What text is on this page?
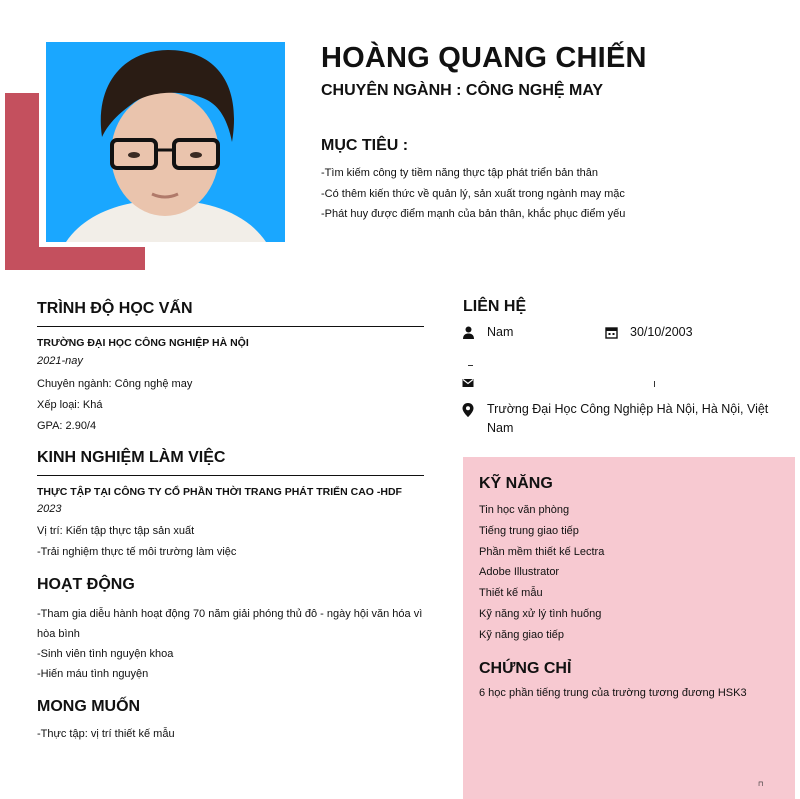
HOÀNG QUANG CHIẾN
CHUYÊN NGÀNH : CÔNG NGHỆ MAY
MỤC TIÊU :
-Tìm kiếm công ty tiềm năng thực tập phát triển bản thân
-Có thêm kiến thức về quản lý, sản xuất trong ngành may mặc
-Phát huy được điểm mạnh của bản thân, khắc phục điểm yếu
TRÌNH ĐỘ HỌC VẤN
TRƯỜNG ĐẠI HỌC CÔNG NGHIỆP HÀ NỘI
2021-nay
Chuyên ngành: Công nghệ may
Xếp loại: Khá
GPA: 2.90/4
KINH NGHIỆM LÀM VIỆC
THỰC TẬP TẠI CÔNG TY CỔ PHẦN THỜI TRANG PHÁT TRIỂN CAO -HDF
2023
Vị trí: Kiến tập thực tập sản xuất
-Trải nghiệm thực tế môi trường làm việc
HOẠT ĐỘNG
-Tham gia diễu hành hoạt động 70 năm giải phóng thủ đô - ngày hội văn hóa vì hòa bình
-Sinh viên tình nguyện khoa
-Hiến máu tình nguyện
MONG MUỐN
-Thực tập: vị trí thiết kế mẫu
LIÊN HỆ
Nam	30/10/2003
Trường Đại Học Công Nghiệp Hà Nội, Hà Nội, Việt Nam
KỸ NĂNG
Tin học văn phòng
Tiếng trung giao tiếp
Phần mềm thiết kế Lectra
Adobe Illustrator
Thiết kế mẫu
Kỹ năng xử lý tình huống
Kỹ năng giao tiếp
CHỨNG CHỈ
6 học phần tiếng trung của trường tương đương HSK3
⊓
